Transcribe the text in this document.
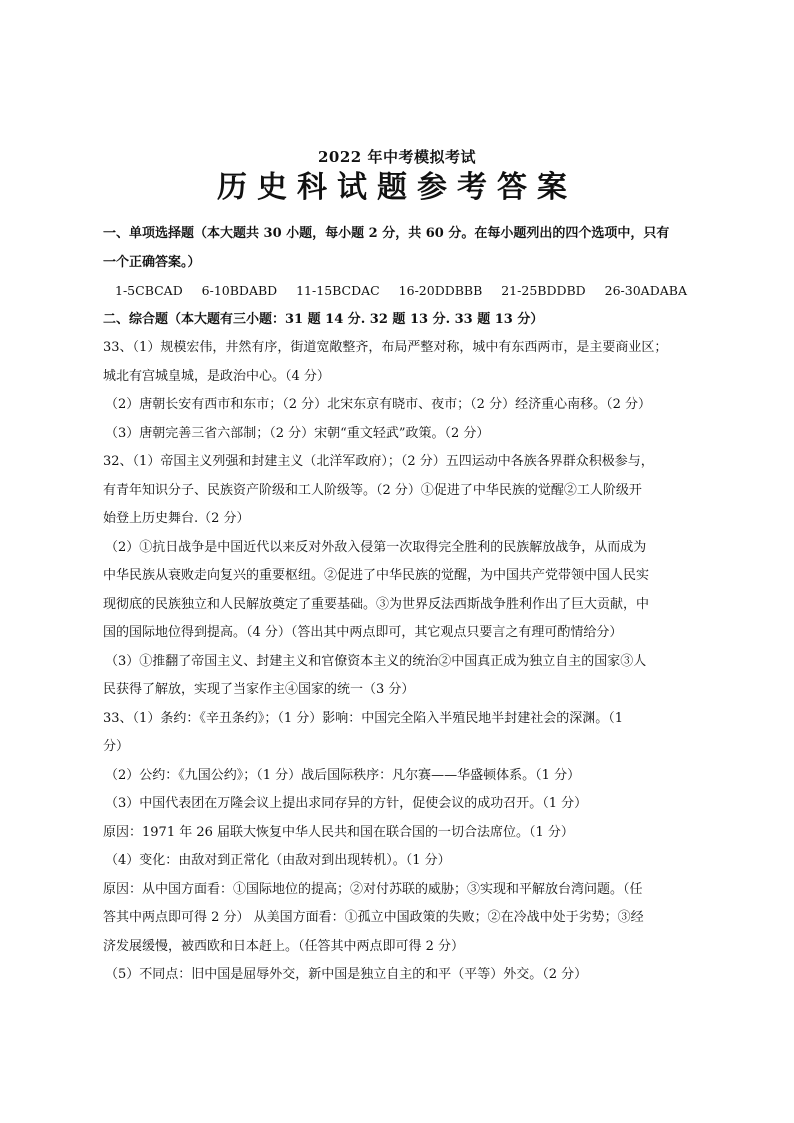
2022 年中考模拟考试
历史科试题参考答案
一、单项选择题（本大题共 30 小题，每小题 2 分，共 60 分。在每小题列出的四个选项中，只有
一个正确答案。）
1-5CBCAD 6-10BDABD 11-15BCDAC 16-20DDBBB 21-25BDDBD 26-30ADABA
二、综合题（本大题有三小题：31 题 14 分. 32 题 13 分. 33 题 13 分）
33、（1）规模宏伟，井然有序，街道宽敞整齐，布局严整对称，城中有东西两市，是主要商业区；
城北有宫城皇城，是政治中心。（4 分）
（2）唐朝长安有西市和东市；（2 分）北宋东京有晓市、夜市；（2 分）经济重心南移。（2 分）
（3）唐朝完善三省六部制；（2 分）宋朝“重文轻武”政策。（2 分）
32、（1）帝国主义列强和封建主义（北洋军政府）；（2 分）五四运动中各族各界群众积极参与，
有青年知识分子、民族资产阶级和工人阶级等。（2 分）①促进了中华民族的觉醒②工人阶级开
始登上历史舞台.（2 分）
（2）①抗日战争是中国近代以来反对外敌入侵第一次取得完全胜利的民族解放战争，从而成为
中华民族从衰败走向复兴的重要枢纽。②促进了中华民族的觉醒，为中国共产党带领中国人民实
现彻底的民族独立和人民解放奠定了重要基础。③为世界反法西斯战争胜利作出了巨大贡献，中
国的国际地位得到提高。（4 分）（答出其中两点即可，其它观点只要言之有理可酌情给分）
（3）①推翻了帝国主义、封建主义和官僚资本主义的统治②中国真正成为独立自主的国家③人
民获得了解放，实现了当家作主④国家的统一（3 分）
33、（1）条约：《辛丑条约》；（1 分）影响：中国完全陷入半殖民地半封建社会的深渊。（1
分）
（2）公约：《九国公约》；（1 分）战后国际秩序：凡尔赛——华盛顿体系。（1 分）
（3）中国代表团在万隆会议上提出求同存异的方针，促使会议的成功召开。（1 分）
原因：1971 年 26 届联大恢复中华人民共和国在联合国的一切合法席位。（1 分）
（4）变化：由敌对到正常化（由敌对到出现转机）。（1 分）
原因：从中国方面看：①国际地位的提高；②对付苏联的威胁；③实现和平解放台湾问题。（任
答其中两点即可得 2 分） 从美国方面看：①孤立中国政策的失败；②在冷战中处于劣势；③经
济发展缓慢，被西欧和日本赶上。（任答其中两点即可得 2 分）
（5）不同点：旧中国是屈辱外交，新中国是独立自主的和平（平等）外交。（2 分）
